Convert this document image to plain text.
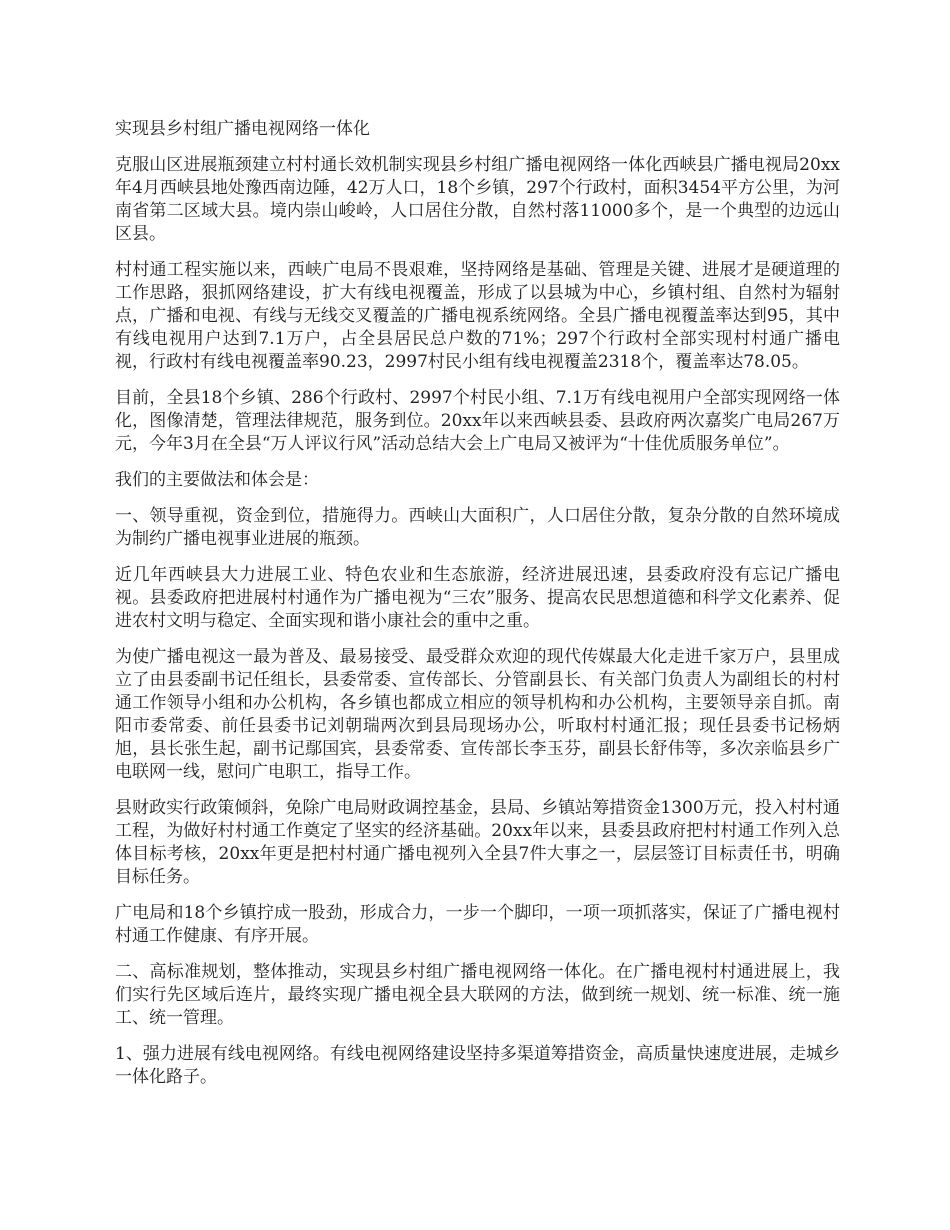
实现县乡村组广播电视网络一体化

克服山区进展瓶颈建立村村通长效机制实现县乡村组广播电视网络一体化西峡县广播电视局20xx年4月西峡县地处豫西南边陲，42万人口，18个乡镇，297个行政村，面积3454平方公里，为河南省第二区域大县。境内崇山峻岭，人口居住分散，自然村落11000多个，是一个典型的边远山区县。

村村通工程实施以来，西峡广电局不畏艰难，坚持网络是基础、管理是关键、进展才是硬道理的工作思路，狠抓网络建设，扩大有线电视覆盖，形成了以县城为中心，乡镇村组、自然村为辐射点，广播和电视、有线与无线交叉覆盖的广播电视系统网络。全县广播电视覆盖率达到95，其中有线电视用户达到7.1万户，占全县居民总户数的71%；297个行政村全部实现村村通广播电视，行政村有线电视覆盖率90.23，2997村民小组有线电视覆盖2318个，覆盖率达78.05。

目前，全县18个乡镇、286个行政村、2997个村民小组、7.1万有线电视用户全部实现网络一体化，图像清楚，管理法律规范，服务到位。20xx年以来西峡县委、县政府两次嘉奖广电局267万元，今年3月在全县“万人评议行风”活动总结大会上广电局又被评为“十佳优质服务单位”。

我们的主要做法和体会是：

一、领导重视，资金到位，措施得力。西峡山大面积广，人口居住分散，复杂分散的自然环境成为制约广播电视事业进展的瓶颈。

近几年西峡县大力进展工业、特色农业和生态旅游，经济进展迅速，县委政府没有忘记广播电视。县委政府把进展村村通作为广播电视为“三农”服务、提高农民思想道德和科学文化素养、促进农村文明与稳定、全面实现和谐小康社会的重中之重。

为使广播电视这一最为普及、最易接受、最受群众欢迎的现代传媒最大化走进千家万户，县里成立了由县委副书记任组长，县委常委、宣传部长、分管副县长、有关部门负责人为副组长的村村通工作领导小组和办公机构，各乡镇也都成立相应的领导机构和办公机构，主要领导亲自抓。南阳市委常委、前任县委书记刘朝瑞两次到县局现场办公，听取村村通汇报；现任县委书记杨炳旭，县长张生起，副书记鄢国宾，县委常委、宣传部长李玉芬，副县长舒伟等，多次亲临县乡广电联网一线，慰问广电职工，指导工作。

县财政实行政策倾斜，免除广电局财政调控基金，县局、乡镇站筹措资金1300万元，投入村村通工程，为做好村村通工作奠定了坚实的经济基础。20xx年以来，县委县政府把村村通工作列入总体目标考核，20xx年更是把村村通广播电视列入全县7件大事之一，层层签订目标责任书，明确目标任务。

广电局和18个乡镇拧成一股劲，形成合力，一步一个脚印，一项一项抓落实，保证了广播电视村村通工作健康、有序开展。

二、高标准规划，整体推动，实现县乡村组广播电视网络一体化。在广播电视村村通进展上，我们实行先区域后连片，最终实现广播电视全县大联网的方法，做到统一规划、统一标准、统一施工、统一管理。

1、强力进展有线电视网络。有线电视网络建设坚持多渠道筹措资金，高质量快速度进展，走城乡一体化路子。
